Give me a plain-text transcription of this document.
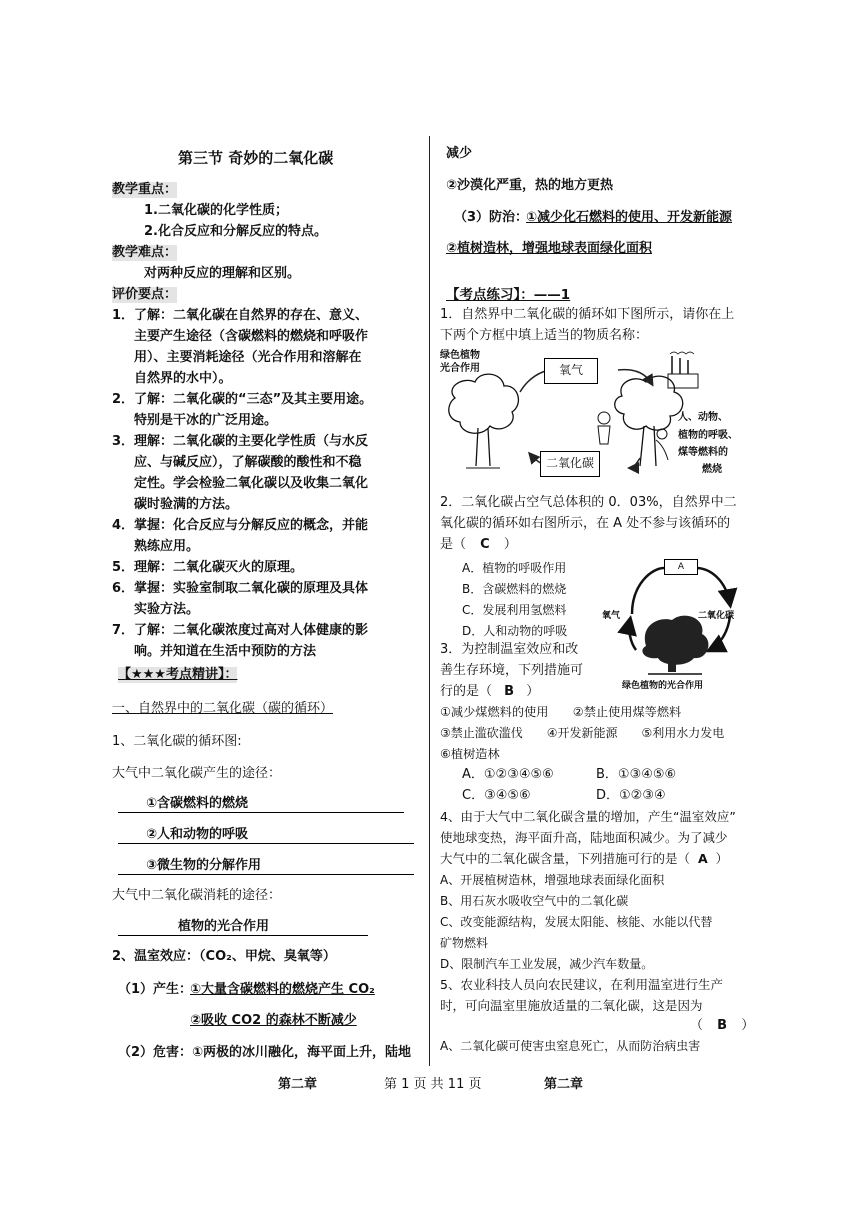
第三节 奇妙的二氧化碳
教学重点：
1.二氧化碳的化学性质；
2.化合反应和分解反应的特点。
教学难点：
对两种反应的理解和区别。
评价要点：
1．了解：二氧化碳在自然界的存在、意义、
主要产生途径（含碳燃料的燃烧和呼吸作
用）、主要消耗途径（光合作用和溶解在
自然界的水中）。
2．了解：二氧化碳的“三态”及其主要用途。
特别是干冰的广泛用途。
3．理解：二氧化碳的主要化学性质（与水反
应、与碱反应），了解碳酸的酸性和不稳
定性。学会检验二氧化碳以及收集二氧化
碳时验满的方法。
4．掌握：化合反应与分解反应的概念，并能
熟练应用。
5．理解：二氧化碳灭火的原理。
6．掌握：实验室制取二氧化碳的原理及具体
实验方法。
7．了解：二氧化碳浓度过高对人体健康的影
响。并知道在生活中预防的方法
【★★★考点精讲】：
一、自然界中的二氧化碳（碳的循环）
1、二氧化碳的循环图:
大气中二氧化碳产生的途径：
①含碳燃料的燃烧
②人和动物的呼吸
③微生物的分解作用
大气中二氧化碳消耗的途径：
植物的光合作用
2、温室效应：（CO₂、甲烷、臭氧等）
（1）产生：
①大量含碳燃料的燃烧产生 CO₂
②吸收 CO2 的森林不断减少
（2）危害：①两极的冰川融化，海平面上升，陆地
减少
②沙漠化严重，热的地方更热
（3）防治：
①减少化石燃料的使用、开发新能源
②植树造林，增强地球表面绿化面积
【考点练习】：——1
1．自然界中二氧化碳的循环如下图所示，请你在上
下两个方框中填上适当的物质名称：
绿色植物
光合作用	氧气
二氧化碳
人、动物、
植物的呼吸、
煤等燃料的
燃烧
2．二氧化碳占空气总体积的 0．03%，自然界中二
氧化碳的循环如右图所示，在 A 处不参与该循环的
是（ C ）
A．植物的呼吸作用
B．含碳燃料的燃烧
C．发展利用氢燃料
D．人和动物的呼吸
A
氧气	二氧化碳
绿色植物的光合作用
3．为控制温室效应和改
善生存环境，下列措施可
行的是（ B ）
①减少煤燃料的使用　　②禁止使用煤等燃料
③禁止滥砍滥伐　　④开发新能源　　⑤利用水力发电
⑥植树造林
A．①②③④⑤⑥	B．①③④⑤⑥
C．③④⑤⑥	D．①②③④
4、由于大气中二氧化碳含量的增加，产生“温室效应”
使地球变热，海平面升高，陆地面积减少。为了减少
大气中的二氧化碳含量，下列措施可行的是（ A ）
A、开展植树造林，增强地球表面绿化面积
B、用石灰水吸收空气中的二氧化碳
C、改变能源结构，发展太阳能、核能、水能以代替
矿物燃料
D、限制汽车工业发展，减少汽车数量。
5、农业科技人员向农民建议，在利用温室进行生产
时，可向温室里施放适量的二氧化碳，这是因为
（ B ）
A、二氧化碳可使害虫窒息死亡，从而防治病虫害
第二章	第 1 页 共 11 页	第二章
